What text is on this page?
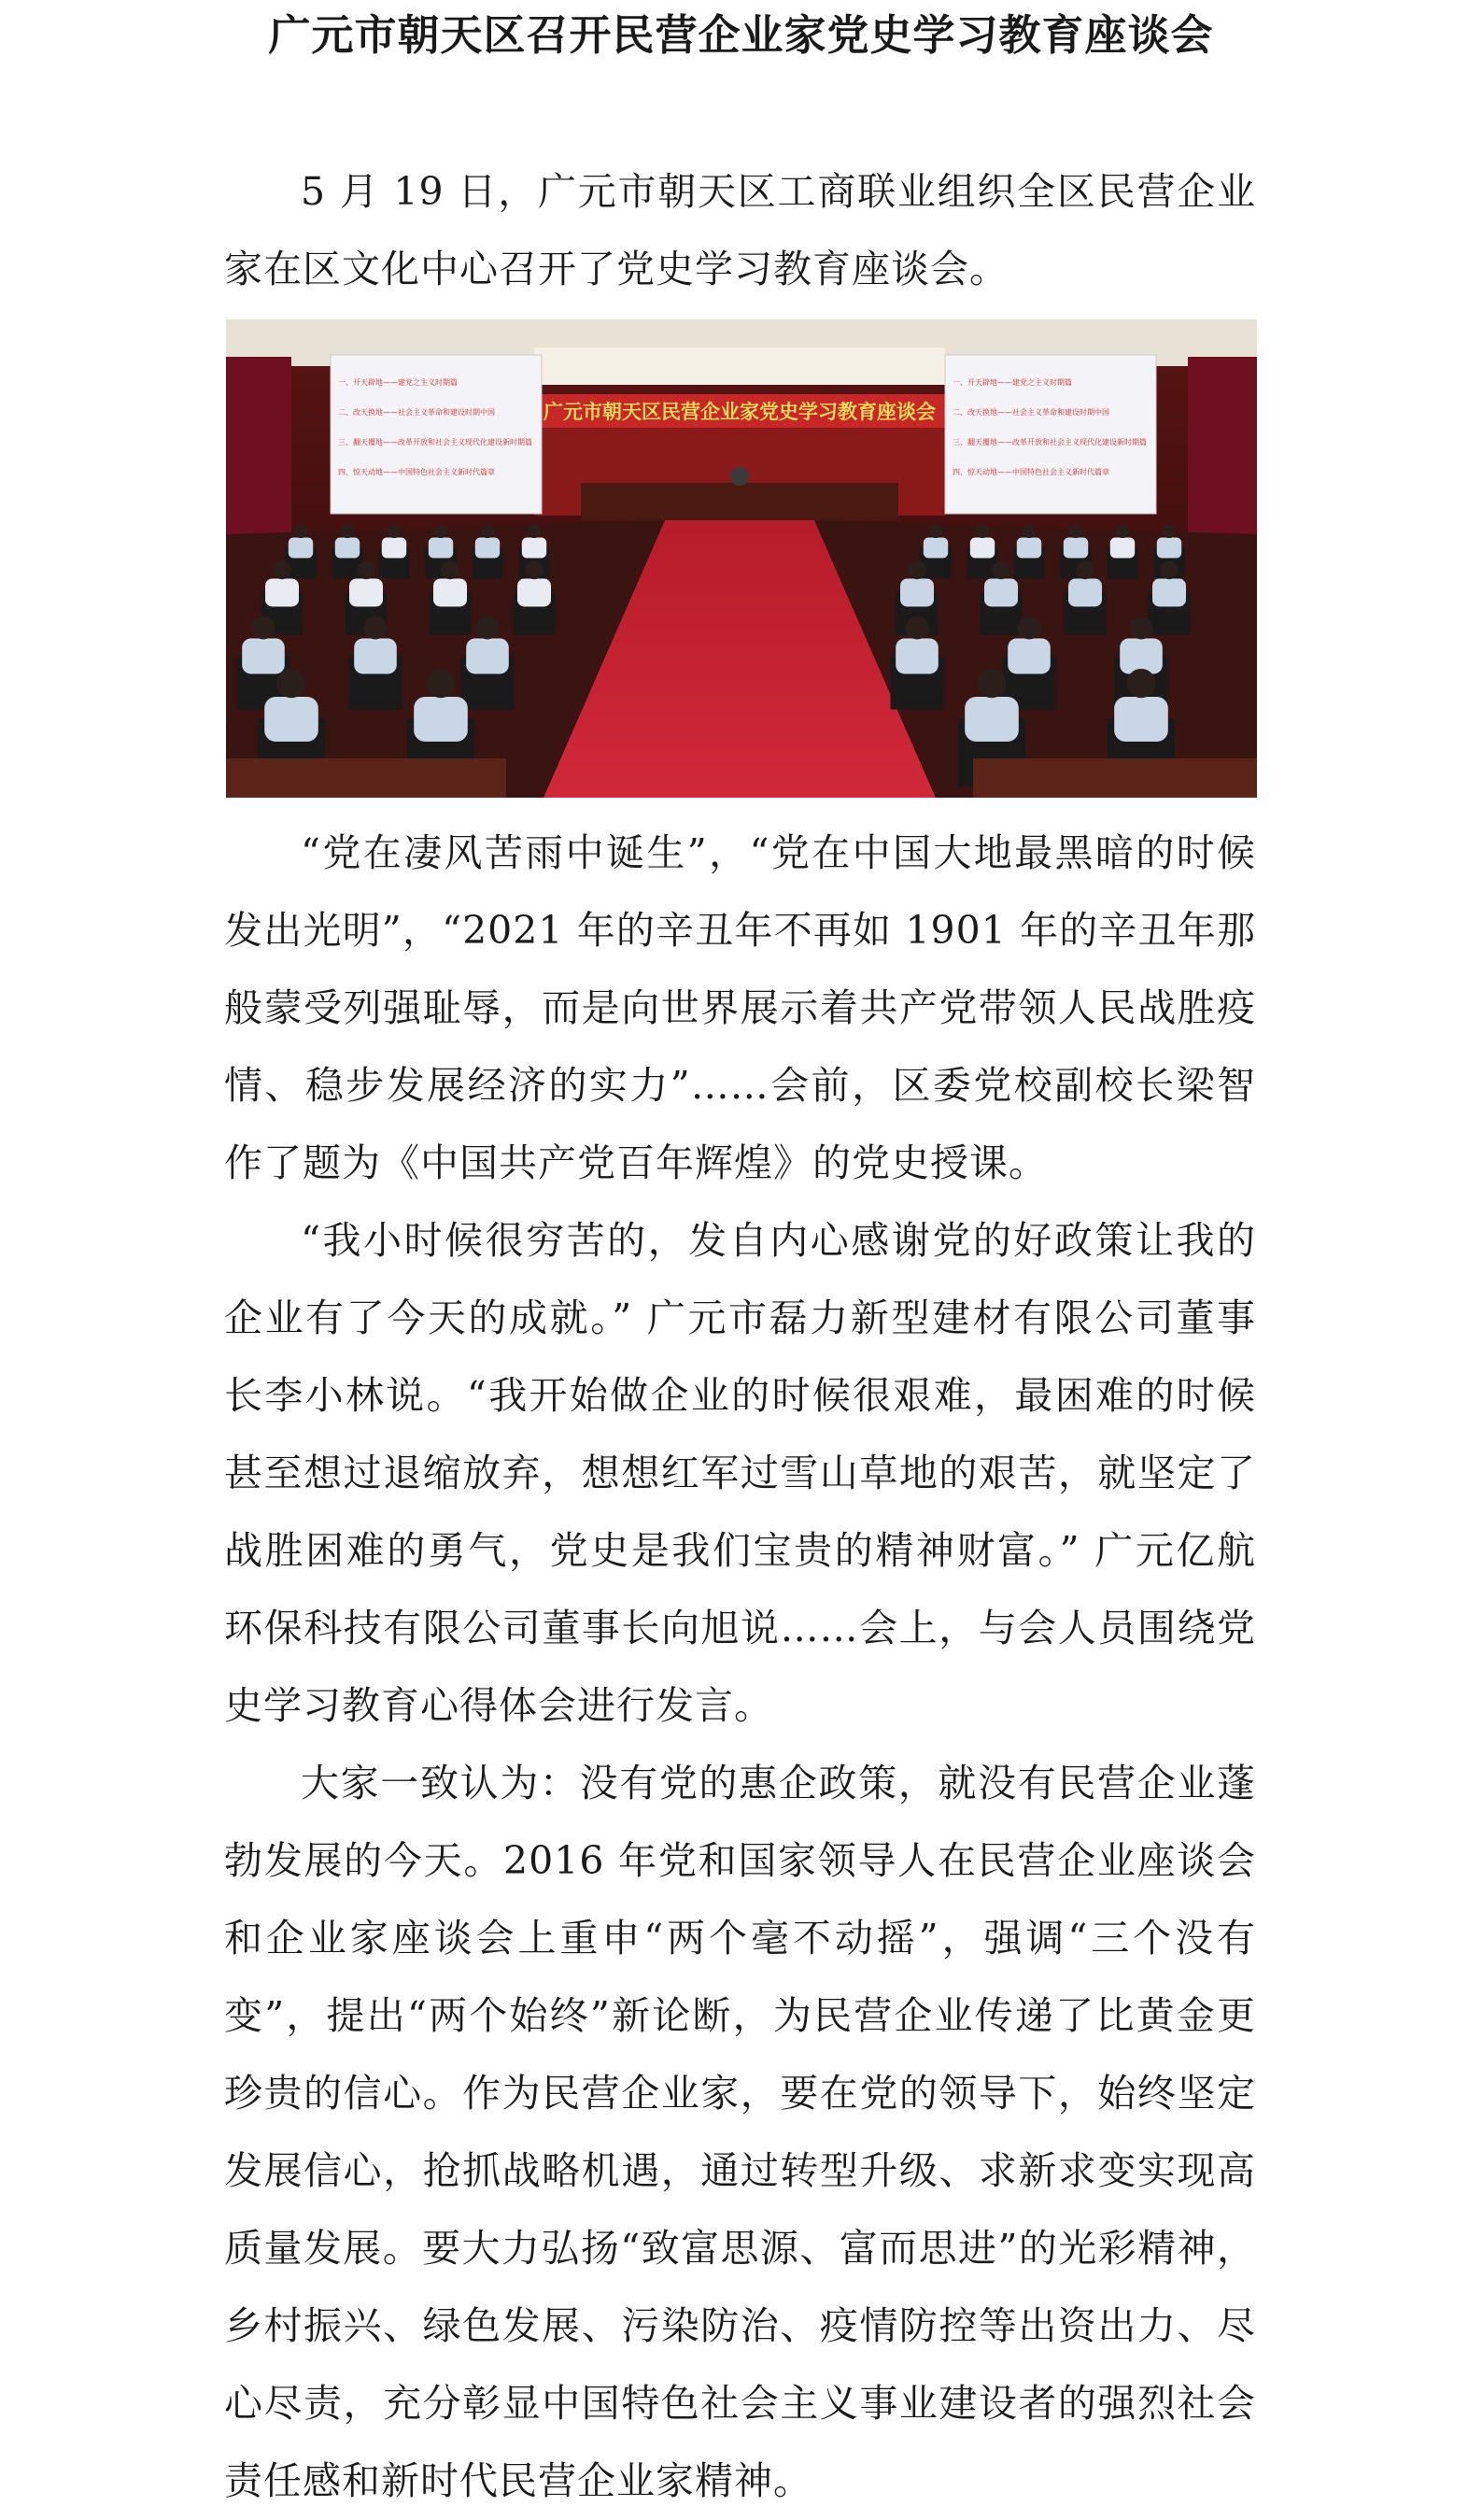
广元市朝天区召开民营企业家党史学习教育座谈会

5 月 19 日，广元市朝天区工商联业组织全区民营企业家在区文化中心召开了党史学习教育座谈会。

广元市朝天区民营企业家党史学习教育座谈会
一、开天辟地——建党之主义时期篇
二、改天换地——社会主义革命和建设时期中国
三、翻天覆地——改革开放和社会主义现代化建设新时期篇
四、惊天动地——中国特色社会主义新时代篇章
一、开天辟地——建党之主义时期篇
二、改天换地——社会主义革命和建设时期中国
三、翻天覆地——改革开放和社会主义现代化建设新时期篇
四、惊天动地——中国特色社会主义新时代篇章

“党在凄风苦雨中诞生”，“党在中国大地最黑暗的时候发出光明”，“2021 年的辛丑年不再如 1901 年的辛丑年那般蒙受列强耻辱，而是向世界展示着共产党带领人民战胜疫情、稳步发展经济的实力”……会前，区委党校副校长梁智作了题为《中国共产党百年辉煌》的党史授课。

“我小时候很穷苦的，发自内心感谢党的好政策让我的企业有了今天的成就。” 广元市磊力新型建材有限公司董事长李小林说。“我开始做企业的时候很艰难，最困难的时候甚至想过退缩放弃，想想红军过雪山草地的艰苦，就坚定了战胜困难的勇气，党史是我们宝贵的精神财富。” 广元亿航环保科技有限公司董事长向旭说……会上，与会人员围绕党史学习教育心得体会进行发言。

大家一致认为：没有党的惠企政策，就没有民营企业蓬勃发展的今天。2016 年党和国家领导人在民营企业座谈会和企业家座谈会上重申“两个毫不动摇”，强调“三个没有变”，提出“两个始终”新论断，为民营企业传递了比黄金更珍贵的信心。作为民营企业家，要在党的领导下，始终坚定发展信心，抢抓战略机遇，通过转型升级、求新求变实现高质量发展。要大力弘扬“致富思源、富而思进”的光彩精神，乡村振兴、绿色发展、污染防治、疫情防控等出资出力、尽心尽责，充分彰显中国特色社会主义事业建设者的强烈社会责任感和新时代民营企业家精神。
